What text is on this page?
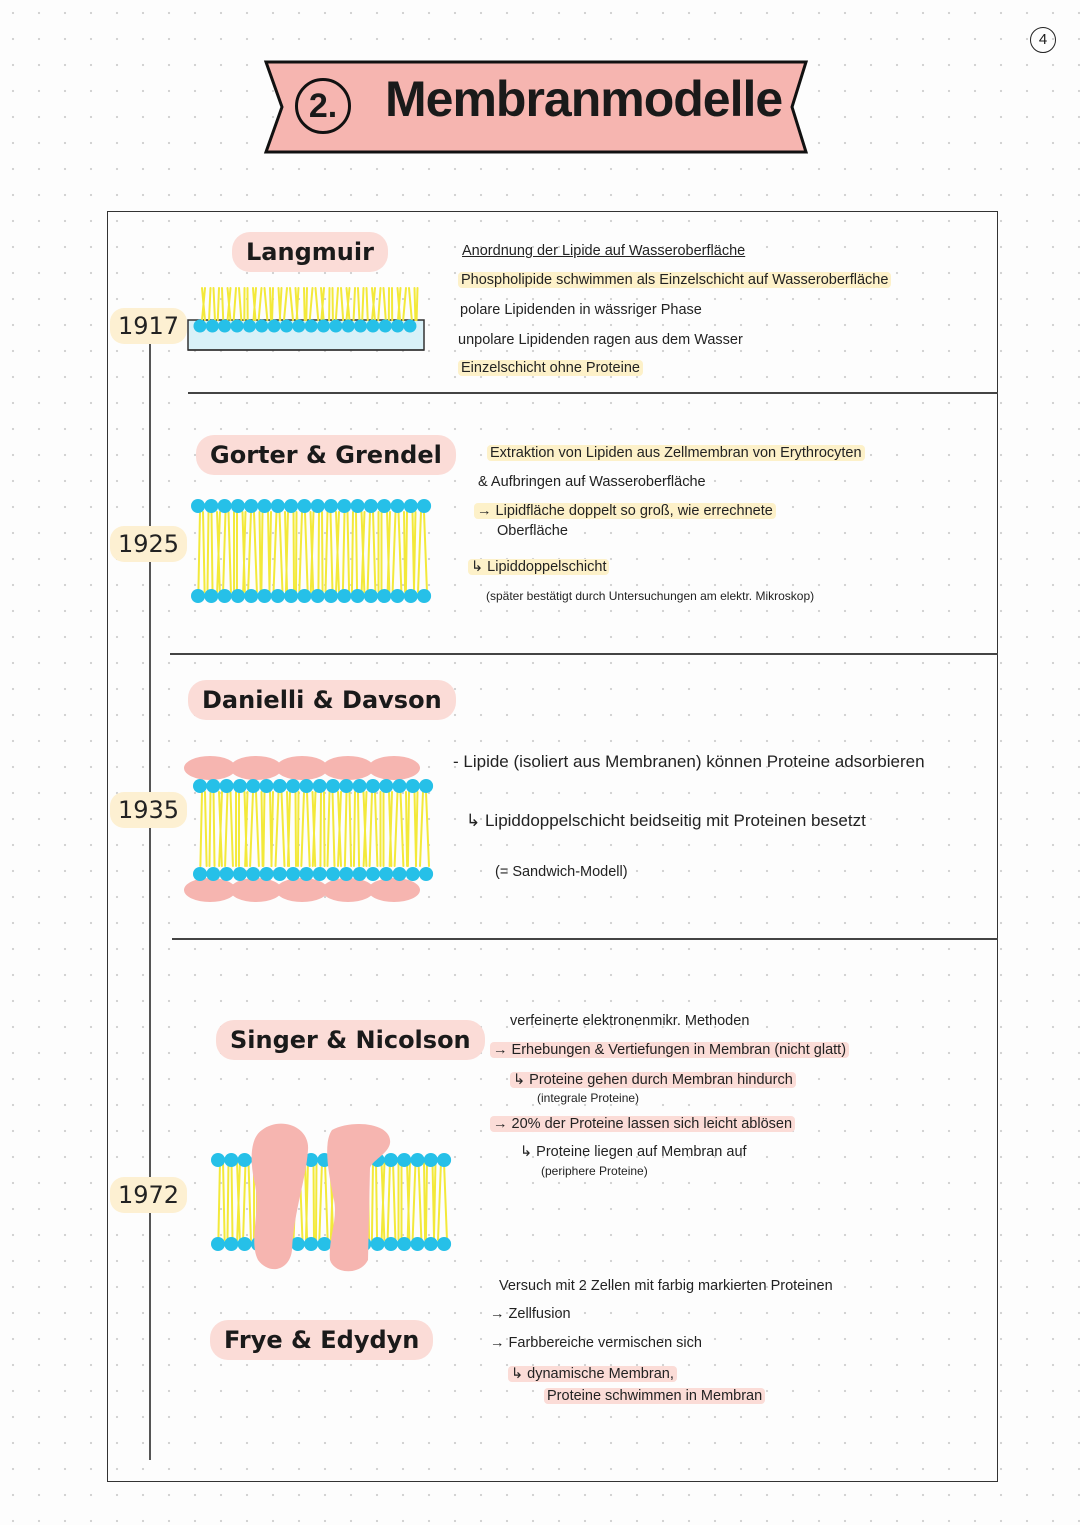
4
2. Membranmodelle
1917
Langmuir	Anordnung der Lipide auf Wasseroberfläche
Phospholipide schwimmen als Einzelschicht auf Wasseroberfläche
polare Lipidenden in wässriger Phase
unpolare Lipidenden ragen aus dem Wasser
Einzelschicht ohne Proteine
1925
Gorter & Grendel	Extraktion von Lipiden aus Zellmembran von Erythrocyten
& Aufbringen auf Wasseroberfläche
→ Lipidfläche doppelt so groß, wie errechnete
Oberfläche
↳ Lipiddoppelschicht
(später bestätigt durch Untersuchungen am elektr. Mikroskop)
1935
Danielli & Davson
- Lipide (isoliert aus Membranen) können Proteine adsorbieren
↳ Lipiddoppelschicht beidseitig mit Proteinen besetzt
(= Sandwich-Modell)
1972
Singer & Nicolson
Frye & Edydyn
verfeinerte elektronenmikr. Methoden
→ Erhebungen & Vertiefungen in Membran (nicht glatt)
↳ Proteine gehen durch Membran hindurch
(integrale Proteine)
→ 20% der Proteine lassen sich leicht ablösen
↳ Proteine liegen auf Membran auf
(periphere Proteine)
Versuch mit 2 Zellen mit farbig markierten Proteinen
→ Zellfusion
→ Farbbereiche vermischen sich
↳ dynamische Membran,
Proteine schwimmen in Membran
